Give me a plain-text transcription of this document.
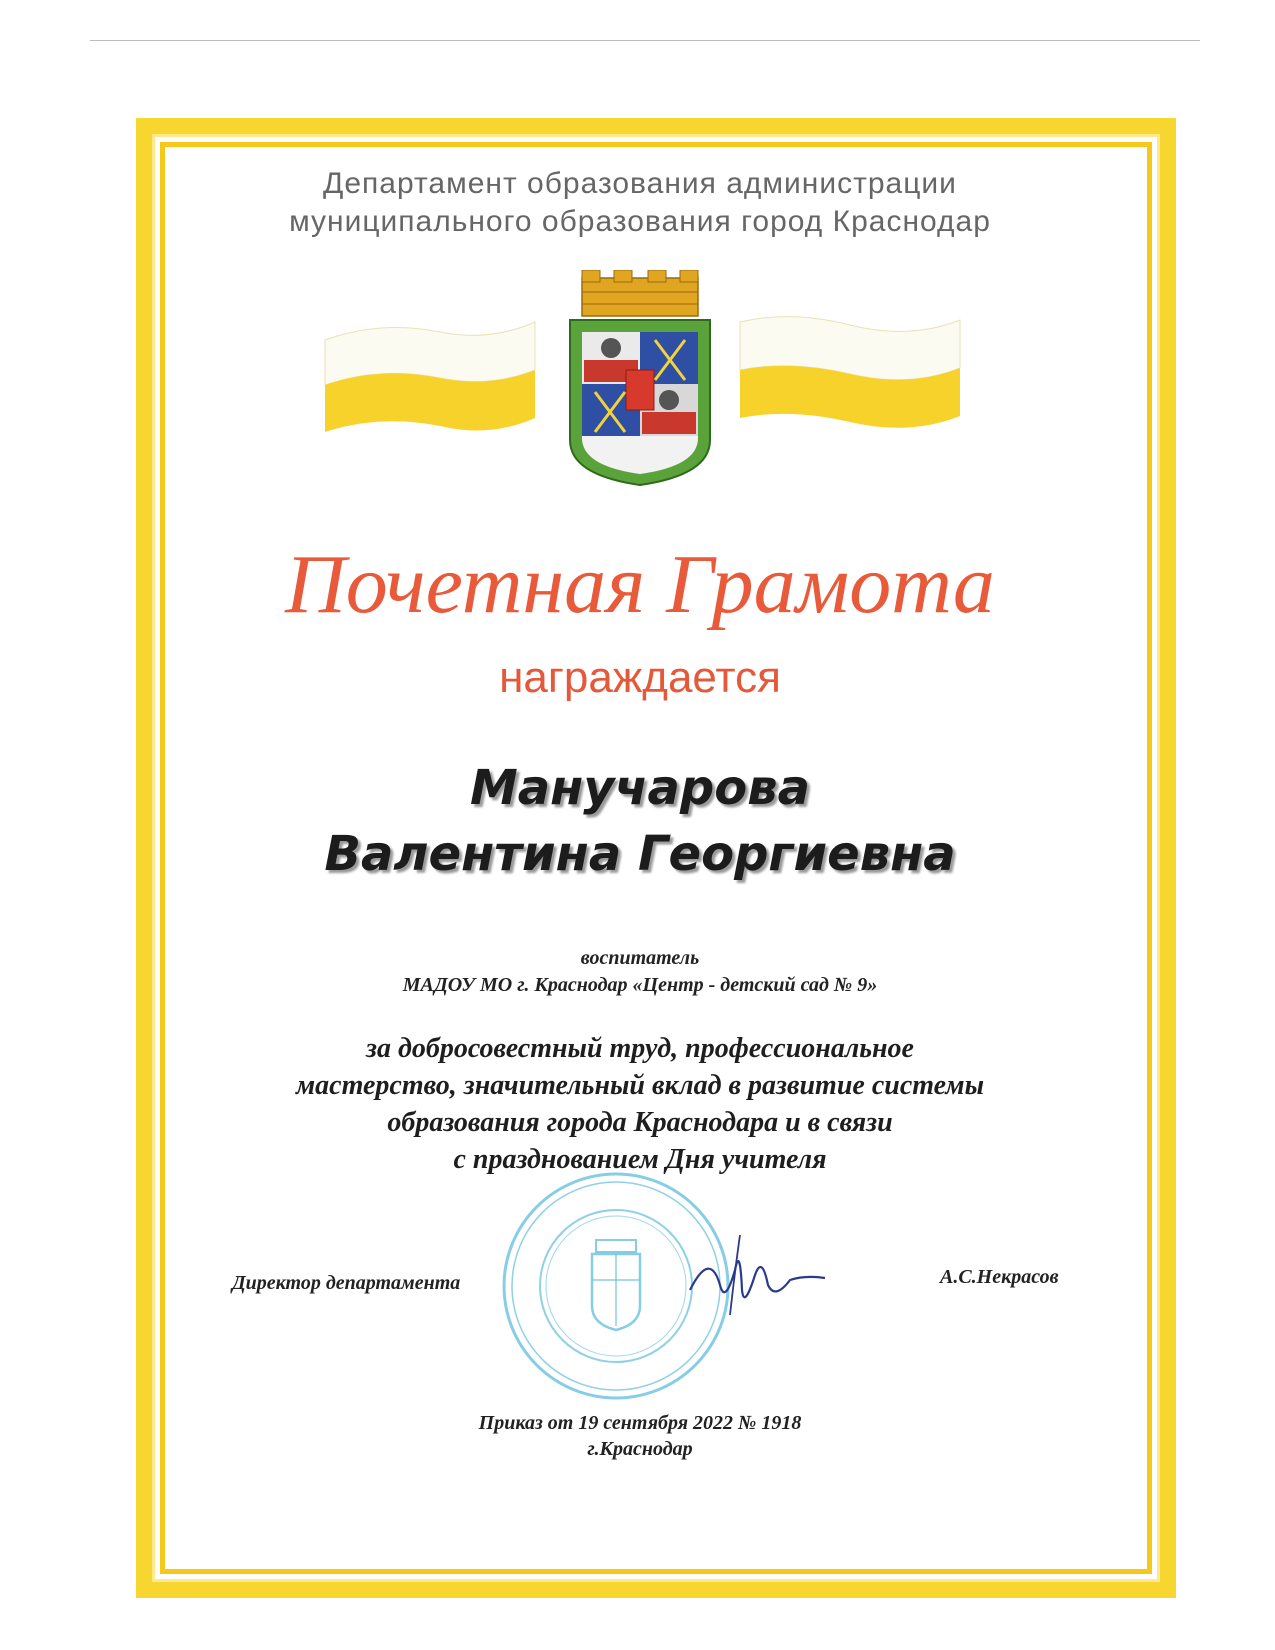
Департамент образования администрации
муниципального образования город Краснодар
Почетная Грамота
награждается
Манучарова
Валентина Георгиевна
воспитатель
МАДОУ МО г. Краснодар «Центр - детский сад № 9»
за добросовестный труд, профессиональное
мастерство, значительный вклад в развитие системы
образования города Краснодара и в связи
с празднованием Дня учителя
Директор департамента	А.С.Некрасов
Приказ от 19 сентября 2022 № 1918
г.Краснодар
